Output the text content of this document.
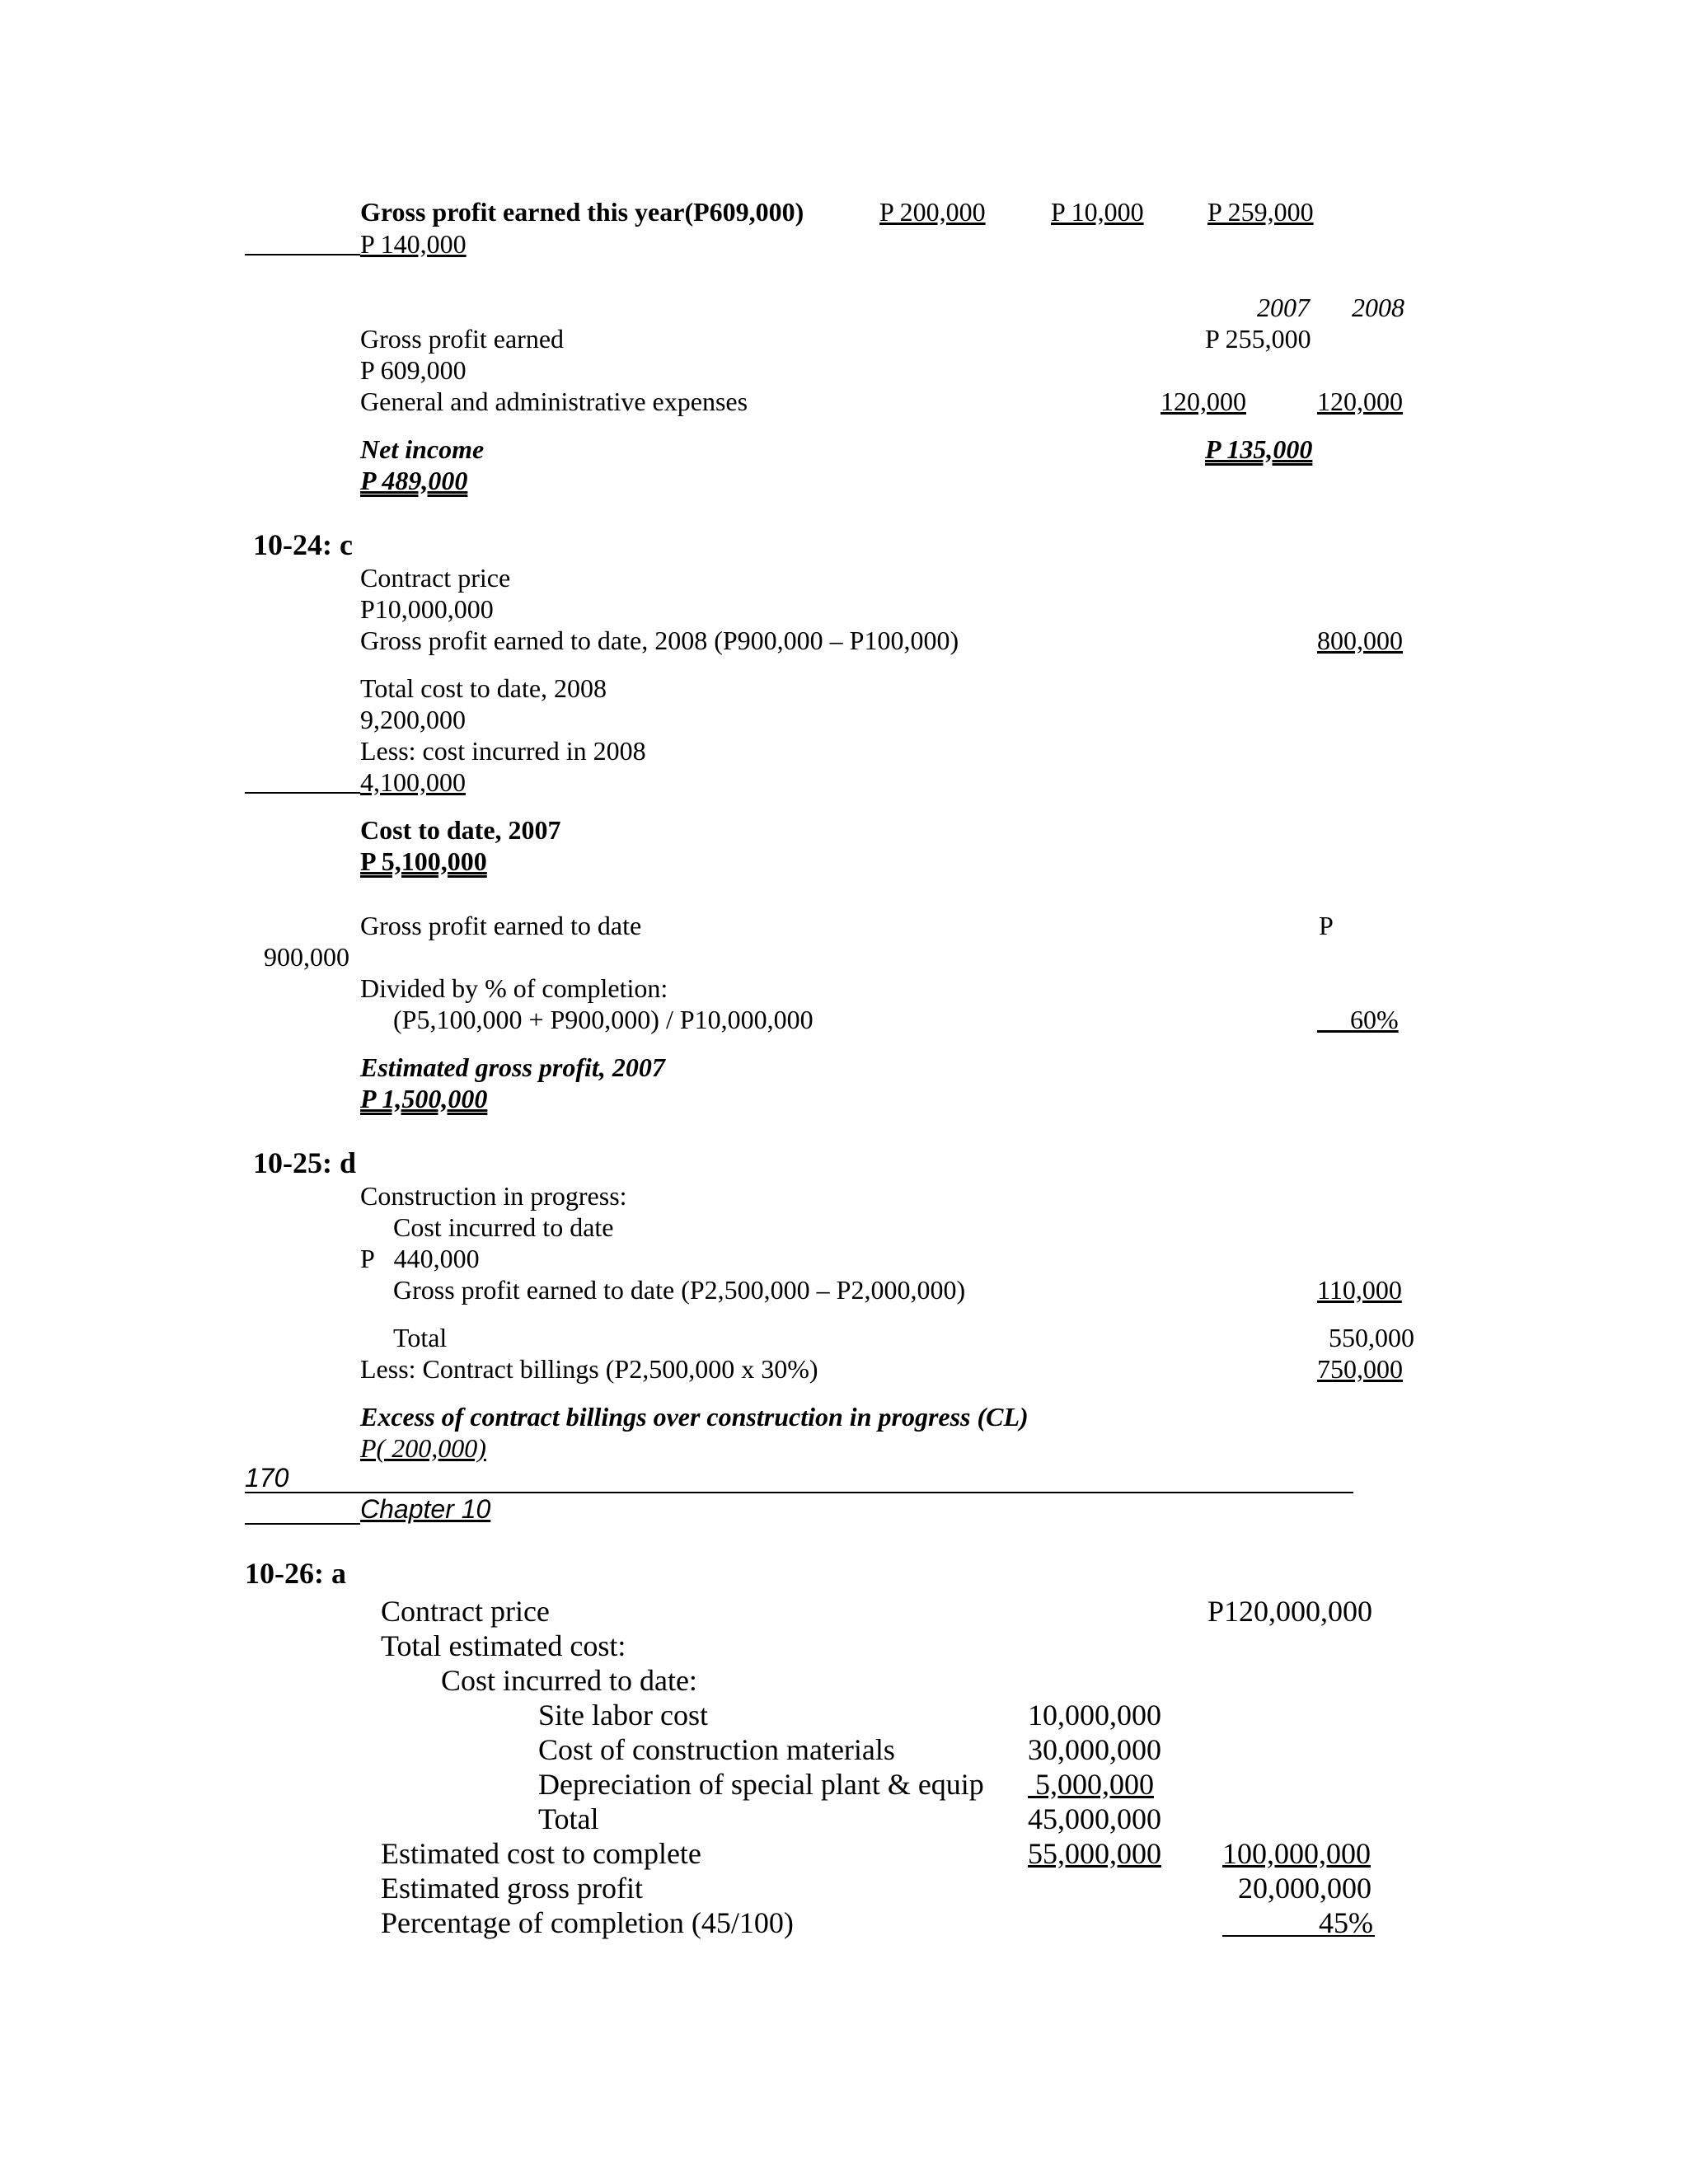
Gross profit earned this year(P609,000)	P 200,000 P 10,000 P 259,000
P 140,000
2007 2008
Gross profit earned	P 255,000
P 609,000
General and administrative expenses	120,000	120,000
Net income	P 135,000
P 489,000
10-24: c
Contract price
P10,000,000
Gross profit earned to date, 2008 (P900,000 – P100,000)	800,000
Total cost to date, 2008
9,200,000
Less: cost incurred in 2008
4,100,000
Cost to date, 2007
P 5,100,000
Gross profit earned to date	P
900,000
Divided by % of completion:
(P5,100,000 + P900,000) / P10,000,000	60%
Estimated gross profit, 2007
P 1,500,000
10-25: d
Construction in progress:
Cost incurred to date
P   440,000
Gross profit earned to date (P2,500,000 – P2,000,000)	110,000
Total	550,000
Less: Contract billings (P2,500,000 x 30%)	750,000
Excess of contract billings over construction in progress (CL)
P( 200,000)
170
Chapter 10
10-26: a
Contract price	P120,000,000
Total estimated cost:
Cost incurred to date:
Site labor cost	10,000,000
Cost of construction materials	30,000,000
Depreciation of special plant & equip 5,000,000
Total	45,000,000
Estimated cost to complete	55,000,000 100,000,000
Estimated gross profit	20,000,000
Percentage of completion (45/100)	45%
